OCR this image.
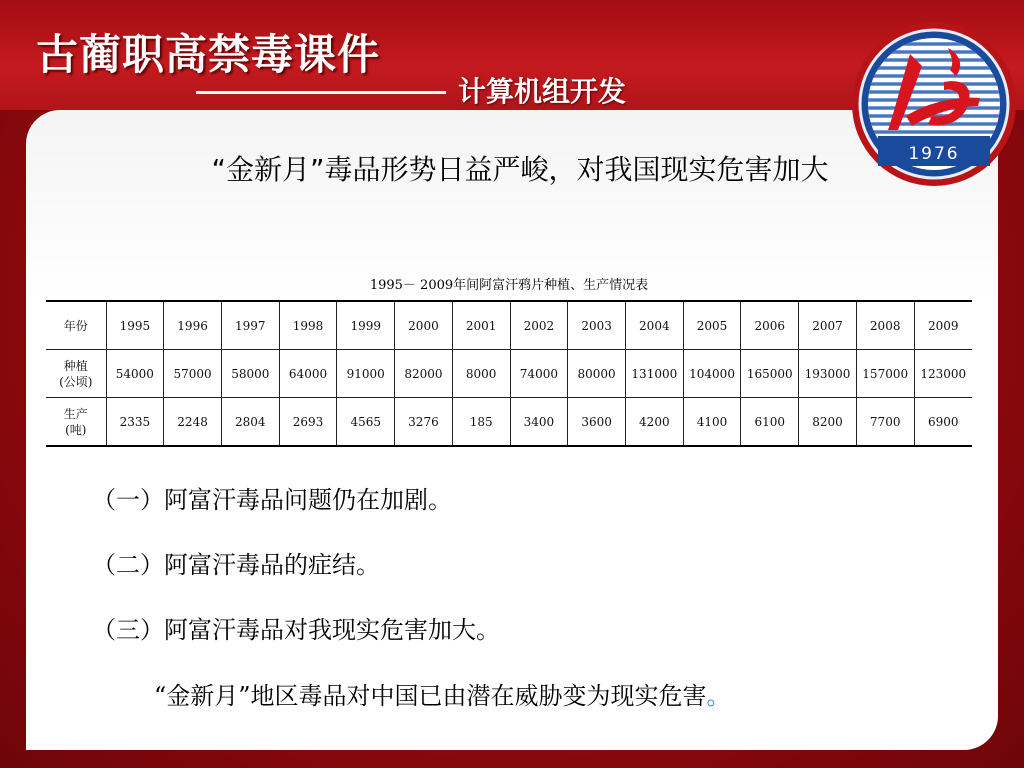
古蔺职高禁毒课件
计算机组开发
1976
“金新月”毒品形势日益严峻，对我国现实危害加大
1995－ 2009年间阿富汗鸦片种植、生产情况表
年份	1995	1996	1997	1998	1999	2000	2001	2002	2003	2004	2005	2006	2007	2008	2009

种植
(公顷)	54000	57000	58000	64000	91000	82000	8000	74000	80000	131000	104000	165000	193000	157000	123000

生产
(吨)	2335	2248	2804	2693	4565	3276	185	3400	3600	4200	4100	6100	8200	7700	6900
（一）阿富汗毒品问题仍在加剧。
（二）阿富汗毒品的症结。
（三）阿富汗毒品对我现实危害加大。
“金新月”地区毒品对中国已由潜在威胁变为现实危害。
